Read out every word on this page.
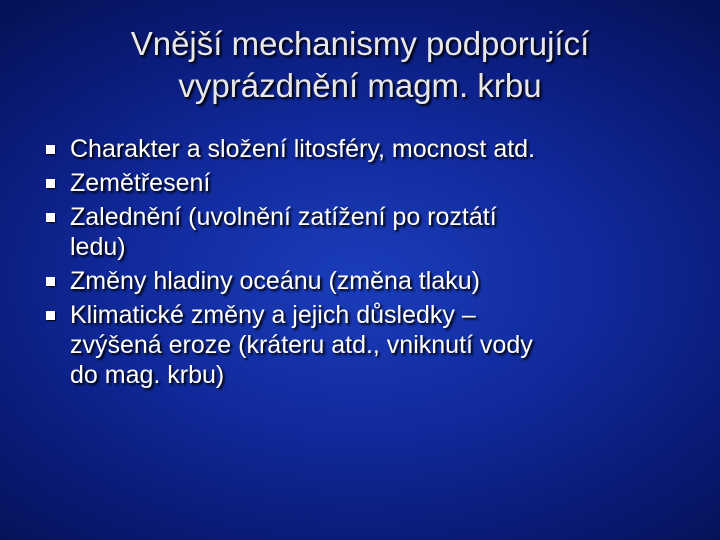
Vnější mechanismy podporující
vyprázdnění magm. krbu
Charakter a složení litosféry, mocnost atd.
Zemětřesení
Zalednění (uvolnění zatížení po roztátí
ledu)
Změny hladiny oceánu (změna tlaku)
Klimatické změny a jejich důsledky –
zvýšená eroze (kráteru atd., vniknutí vody
do mag. krbu)
